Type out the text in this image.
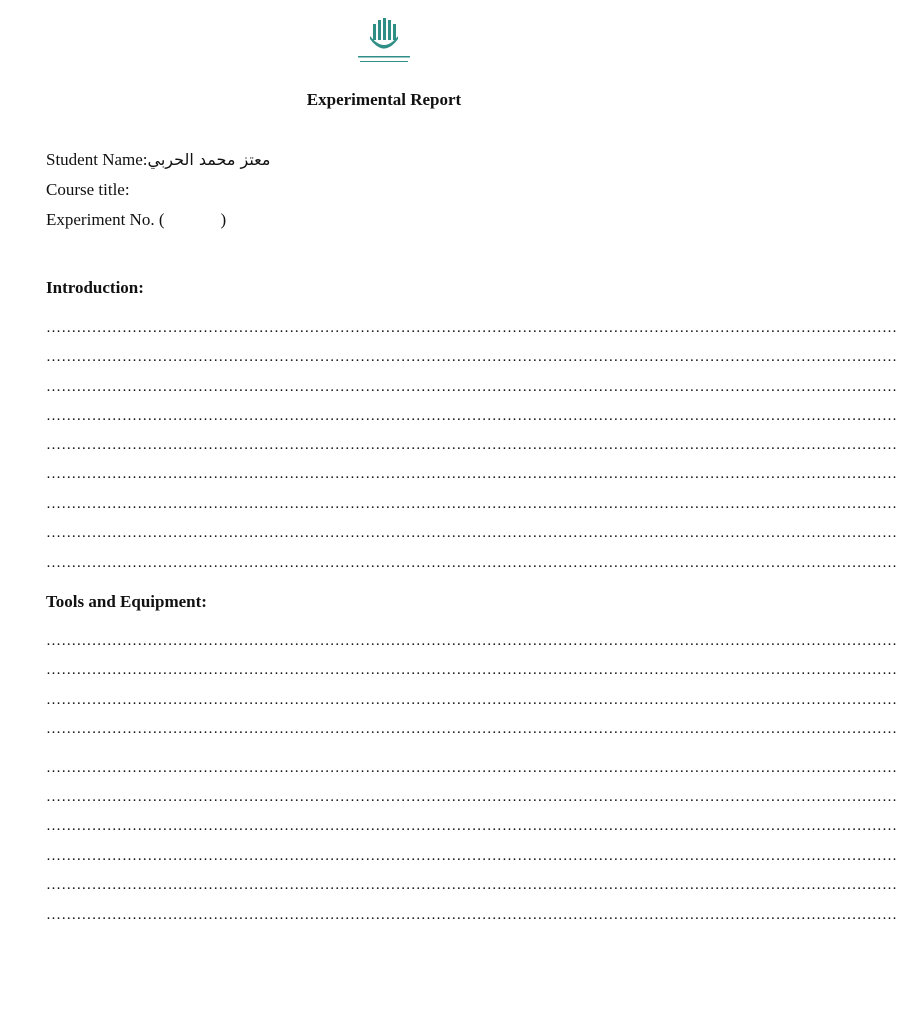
Experimental Report
Student Name:معتز محمد الحربي
Course title:
Experiment No. (	)
Introduction:
……………………………………………………………………………………………………………………………………………………
……………………………………………………………………………………………………………………………………………………
……………………………………………………………………………………………………………………………………………………
……………………………………………………………………………………………………………………………………………………
……………………………………………………………………………………………………………………………………………………
……………………………………………………………………………………………………………………………………………………
……………………………………………………………………………………………………………………………………………………
……………………………………………………………………………………………………………………………………………………
……………………………………………………………………………………………………………………………………………………
Tools and Equipment:
……………………………………………………………………………………………………………………………………………………
……………………………………………………………………………………………………………………………………………………
……………………………………………………………………………………………………………………………………………………
……………………………………………………………………………………………………………………………………………………
……………………………………………………………………………………………………………………………………………………
……………………………………………………………………………………………………………………………………………………
……………………………………………………………………………………………………………………………………………………
……………………………………………………………………………………………………………………………………………………
……………………………………………………………………………………………………………………………………………………
……………………………………………………………………………………………………………………………………………………
